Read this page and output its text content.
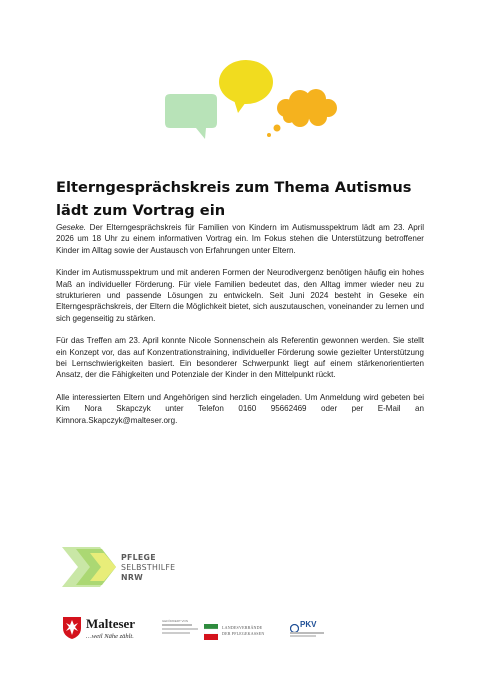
Elterngesprächskreis zum Thema Autismus lädt zum Vortrag ein

Geseke. Der Elterngesprächskreis für Familien von Kindern im Autismusspektrum lädt am 23. April 2026 um 18 Uhr zu einem informativen Vortrag ein. Im Fokus stehen die Unterstützung betroffener Kinder im Alltag sowie der Austausch von Erfahrungen unter Eltern.

Kinder im Autismusspektrum und mit anderen Formen der Neurodivergenz benötigen häufig ein hohes Maß an individueller Förderung. Für viele Familien bedeutet das, den Alltag immer wieder neu zu strukturieren und passende Lösungen zu entwickeln. Seit Juni 2024 besteht in Geseke ein Elterngesprächskreis, der Eltern die Möglichkeit bietet, sich auszutauschen, voneinander zu lernen und sich gegenseitig zu stärken.

Für das Treffen am 23. April konnte Nicole Sonnenschein als Referentin gewonnen werden. Sie stellt ein Konzept vor, das auf Konzentrationstraining, individueller Förderung sowie gezielter Unterstützung bei Lernschwierigkeiten basiert. Ein besonderer Schwerpunkt liegt auf einem stärkenorientierten Ansatz, der die Fähigkeiten und Potenziale der Kinder in den Mittelpunkt rückt.

Alle interessierten Eltern und Angehörigen sind herzlich eingeladen. Um Anmeldung wird gebeten bei Kim Nora Skapczyk unter Telefon 0160 95662469 oder per E-Mail an Kimnora.Skapczyk@malteser.org.

PFLEGE
SELBSTHILFE
NRW
Malteser
…weil Nähe zählt.
GEFÖRDERT VON
LANDESVERBÄNDE
DER PFLEGEKASSEN
PKV
